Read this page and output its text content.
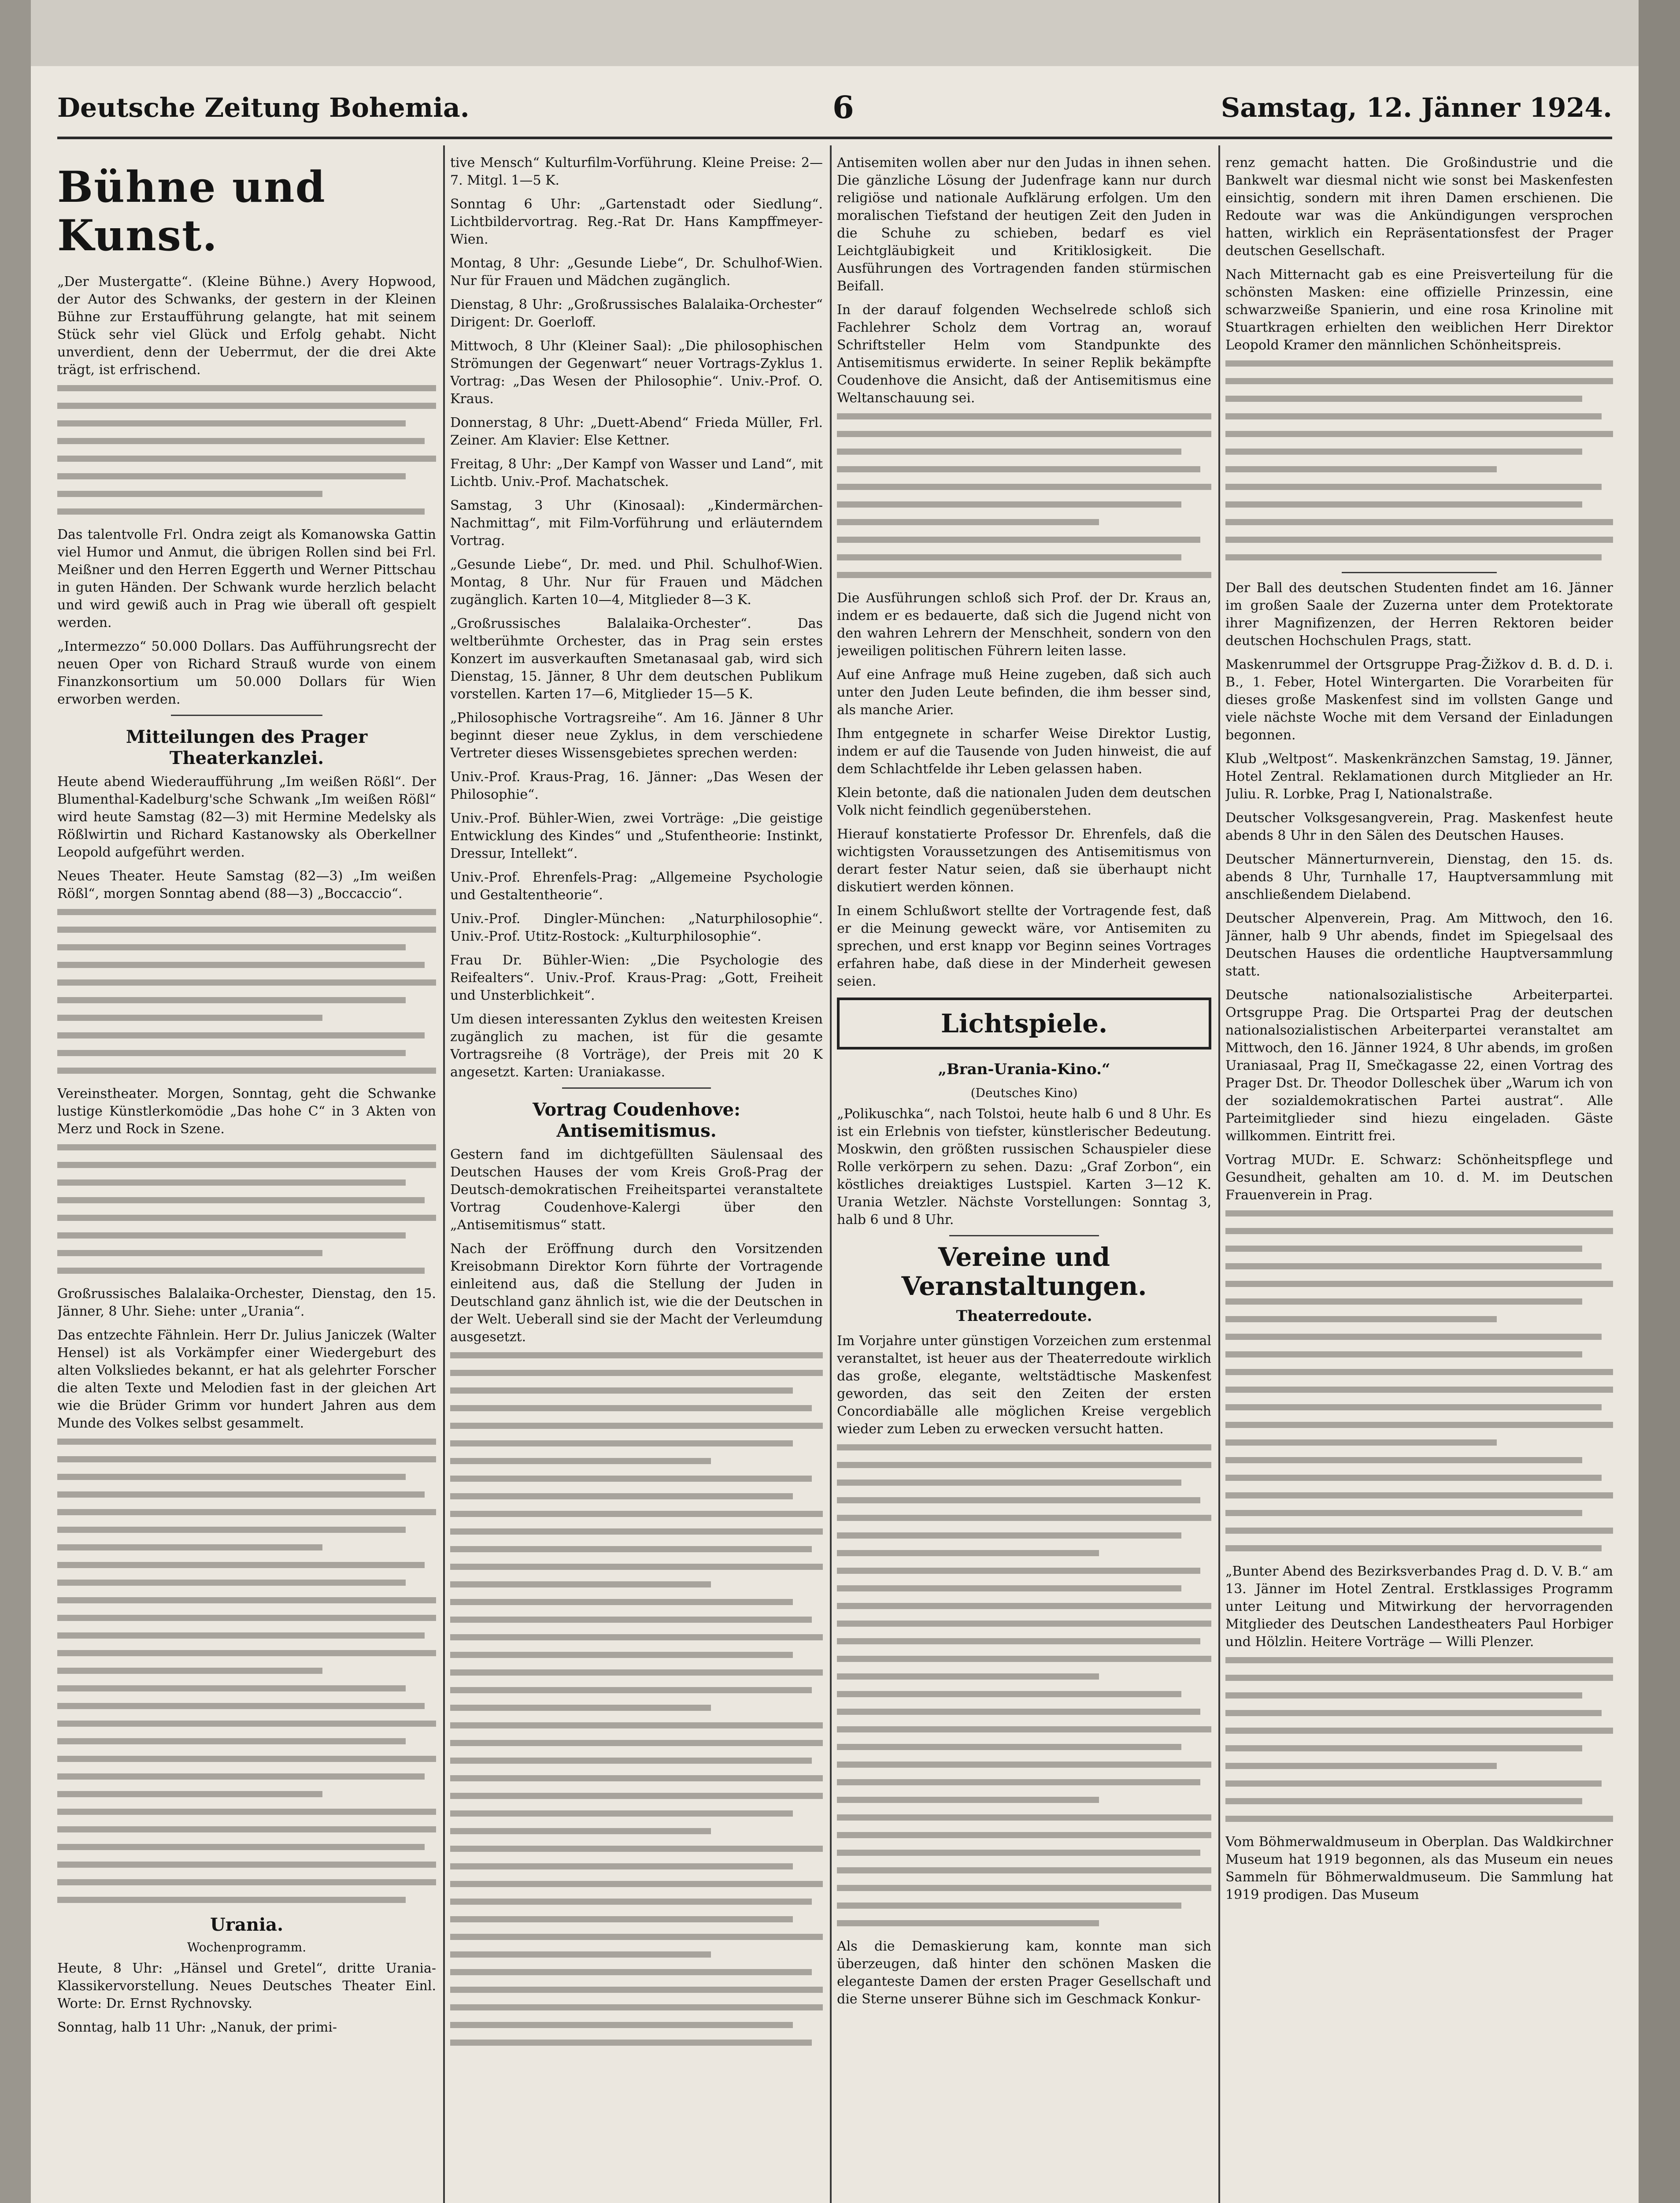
Deutsche Zeitung Bohemia.	6	Samstag, 12. Jänner 1924.
Bühne und Kunst.

„Der Mustergatte“. (Kleine Bühne.) Avery Hopwood, der Autor des Schwanks, der gestern in der Kleinen Bühne zur Erstaufführung gelangte, hat mit seinem Stück sehr viel Glück und Erfolg gehabt. Nicht unverdient, denn der Ueberrmut, der die drei Akte trägt, ist erfrischend.

Das talentvolle Frl. Ondra zeigt als Komanowska Gattin viel Humor und Anmut, die übrigen Rollen sind bei Frl. Meißner und den Herren Eggerth und Werner Pittschau in guten Händen. Der Schwank wurde herzlich belacht und wird gewiß auch in Prag wie überall oft gespielt werden.

„Intermezzo“ 50.000 Dollars. Das Aufführungsrecht der neuen Oper von Richard Strauß wurde von einem Finanzkonsortium um 50.000 Dollars für Wien erworben werden.

Mitteilungen des Prager Theaterkanzlei.

Heute abend Wiederaufführung „Im weißen Rößl“. Der Blumenthal-Kadelburg'sche Schwank „Im weißen Rößl“ wird heute Samstag (82—3) mit Hermine Medelsky als Rößlwirtin und Richard Kastanowsky als Oberkellner Leopold aufgeführt werden.

Neues Theater. Heute Samstag (82—3) „Im weißen Rößl“, morgen Sonntag abend (88—3) „Boccaccio“.

Vereinstheater. Morgen, Sonntag, geht die Schwanke lustige Künstlerkomödie „Das hohe C“ in 3 Akten von Merz und Rock in Szene.

Großrussisches Balalaika-Orchester, Dienstag, den 15. Jänner, 8 Uhr. Siehe: unter „Urania“.

Das entzechte Fähnlein. Herr Dr. Julius Janiczek (Walter Hensel) ist als Vorkämpfer einer Wiedergeburt des alten Volksliedes bekannt, er hat als gelehrter Forscher die alten Texte und Melodien fast in der gleichen Art wie die Brüder Grimm vor hundert Jahren aus dem Munde des Volkes selbst gesammelt.

Urania.
Wochenprogramm.

Heute, 8 Uhr: „Hänsel und Gretel“, dritte Urania-Klassikervorstellung. Neues Deutsches Theater Einl. Worte: Dr. Ernst Rychnovsky.

Sonntag, halb 11 Uhr: „Nanuk, der primi-

tive Mensch“ Kulturfilm-Vorführung. Kleine Preise: 2—7. Mitgl. 1—5 K.

Sonntag 6 Uhr: „Gartenstadt oder Siedlung“. Lichtbildervortrag. Reg.-Rat Dr. Hans Kampffmeyer-Wien.

Montag, 8 Uhr: „Gesunde Liebe“, Dr. Schulhof-Wien. Nur für Frauen und Mädchen zugänglich.

Dienstag, 8 Uhr: „Großrussisches Balalaika-Orchester“ Dirigent: Dr. Goerloff.

Mittwoch, 8 Uhr (Kleiner Saal): „Die philosophischen Strömungen der Gegenwart“ neuer Vortrags-Zyklus 1. Vortrag: „Das Wesen der Philosophie“. Univ.-Prof. O. Kraus.

Donnerstag, 8 Uhr: „Duett-Abend“ Frieda Müller, Frl. Zeiner. Am Klavier: Else Kettner.

Freitag, 8 Uhr: „Der Kampf von Wasser und Land“, mit Lichtb. Univ.-Prof. Machatschek.

Samstag, 3 Uhr (Kinosaal): „Kindermärchen-Nachmittag“, mit Film-Vorführung und erläuterndem Vortrag.

„Gesunde Liebe“, Dr. med. und Phil. Schulhof-Wien. Montag, 8 Uhr. Nur für Frauen und Mädchen zugänglich. Karten 10—4, Mitglieder 8—3 K.

„Großrussisches Balalaika-Orchester“. Das weltberühmte Orchester, das in Prag sein erstes Konzert im ausverkauften Smetanasaal gab, wird sich Dienstag, 15. Jänner, 8 Uhr dem deutschen Publikum vorstellen. Karten 17—6, Mitglieder 15—5 K.

„Philosophische Vortragsreihe“. Am 16. Jänner 8 Uhr beginnt dieser neue Zyklus, in dem verschiedene Vertreter dieses Wissensgebietes sprechen werden:

Univ.-Prof. Kraus-Prag, 16. Jänner: „Das Wesen der Philosophie“.

Univ.-Prof. Bühler-Wien, zwei Vorträge: „Die geistige Entwicklung des Kindes“ und „Stufentheorie: Instinkt, Dressur, Intellekt“.

Univ.-Prof. Ehrenfels-Prag: „Allgemeine Psychologie und Gestaltentheorie“.

Univ.-Prof. Dingler-München: „Naturphilosophie“. Univ.-Prof. Utitz-Rostock: „Kulturphilosophie“.

Frau Dr. Bühler-Wien: „Die Psychologie des Reifealters“. Univ.-Prof. Kraus-Prag: „Gott, Freiheit und Unsterblichkeit“.

Um diesen interessanten Zyklus den weitesten Kreisen zugänglich zu machen, ist für die gesamte Vortragsreihe (8 Vorträge), der Preis mit 20 K angesetzt. Karten: Uraniakasse.

Vortrag Coudenhove: Antisemitismus.

Gestern fand im dichtgefüllten Säulensaal des Deutschen Hauses der vom Kreis Groß-Prag der Deutsch-demokratischen Freiheitspartei veranstaltete Vortrag Coudenhove-Kalergi über den „Antisemitismus“ statt.

Nach der Eröffnung durch den Vorsitzenden Kreisobmann Direktor Korn führte der Vortragende einleitend aus, daß die Stellung der Juden in Deutschland ganz ähnlich ist, wie die der Deutschen in der Welt. Ueberall sind sie der Macht der Verleumdung ausgesetzt.

Antisemiten wollen aber nur den Judas in ihnen sehen. Die gänzliche Lösung der Judenfrage kann nur durch religiöse und nationale Aufklärung erfolgen. Um den moralischen Tiefstand der heutigen Zeit den Juden in die Schuhe zu schieben, bedarf es viel Leichtgläubigkeit und Kritiklosigkeit. Die Ausführungen des Vortragenden fanden stürmischen Beifall.

In der darauf folgenden Wechselrede schloß sich Fachlehrer Scholz dem Vortrag an, worauf Schriftsteller Helm vom Standpunkte des Antisemitismus erwiderte. In seiner Replik bekämpfte Coudenhove die Ansicht, daß der Antisemitismus eine Weltanschauung sei.

Die Ausführungen schloß sich Prof. der Dr. Kraus an, indem er es bedauerte, daß sich die Jugend nicht von den wahren Lehrern der Menschheit, sondern von den jeweiligen politischen Führern leiten lasse.

Auf eine Anfrage muß Heine zugeben, daß sich auch unter den Juden Leute befinden, die ihm besser sind, als manche Arier.

Ihm entgegnete in scharfer Weise Direktor Lustig, indem er auf die Tausende von Juden hinweist, die auf dem Schlachtfelde ihr Leben gelassen haben.

Klein betonte, daß die nationalen Juden dem deutschen Volk nicht feindlich gegenüberstehen.

Hierauf konstatierte Professor Dr. Ehrenfels, daß die wichtigsten Voraussetzungen des Antisemitismus von derart fester Natur seien, daß sie überhaupt nicht diskutiert werden können.

In einem Schlußwort stellte der Vortragende fest, daß er die Meinung geweckt wäre, vor Antisemiten zu sprechen, und erst knapp vor Beginn seines Vortrages erfahren habe, daß diese in der Minderheit gewesen seien.

Lichtspiele.
„Bran-Urania-Kino.“
(Deutsches Kino)

„Polikuschka“, nach Tolstoi, heute halb 6 und 8 Uhr. Es ist ein Erlebnis von tiefster, künstlerischer Bedeutung. Moskwin, den größten russischen Schauspieler diese Rolle verkörpern zu sehen. Dazu: „Graf Zorbon“, ein köstliches dreiaktiges Lustspiel. Karten 3—12 K. Urania Wetzler. Nächste Vorstellungen: Sonntag 3, halb 6 und 8 Uhr.

Vereine und Veranstaltungen.
Theaterredoute.

Im Vorjahre unter günstigen Vorzeichen zum erstenmal veranstaltet, ist heuer aus der Theaterredoute wirklich das große, elegante, weltstädtische Maskenfest geworden, das seit den Zeiten der ersten Concordiabälle alle möglichen Kreise vergeblich wieder zum Leben zu erwecken versucht hatten.

Als die Demaskierung kam, konnte man sich überzeugen, daß hinter den schönen Masken die eleganteste Damen der ersten Prager Gesellschaft und die Sterne unserer Bühne sich im Geschmack Konkur-

renz gemacht hatten. Die Großindustrie und die Bankwelt war diesmal nicht wie sonst bei Maskenfesten einsichtig, sondern mit ihren Damen erschienen. Die Redoute war was die Ankündigungen versprochen hatten, wirklich ein Repräsentationsfest der Prager deutschen Gesellschaft.

Nach Mitternacht gab es eine Preisverteilung für die schönsten Masken: eine offizielle Prinzessin, eine schwarzweiße Spanierin, und eine rosa Krinoline mit Stuartkragen erhielten den weiblichen Herr Direktor Leopold Kramer den männlichen Schönheitspreis.

Der Ball des deutschen Studenten findet am 16. Jänner im großen Saale der Zuzerna unter dem Protektorate ihrer Magnifizenzen, der Herren Rektoren beider deutschen Hochschulen Prags, statt.

Maskenrummel der Ortsgruppe Prag-Žižkov d. B. d. D. i. B., 1. Feber, Hotel Wintergarten. Die Vorarbeiten für dieses große Maskenfest sind im vollsten Gange und viele nächste Woche mit dem Versand der Einladungen begonnen.

Klub „Weltpost“. Maskenkränzchen Samstag, 19. Jänner, Hotel Zentral. Reklamationen durch Mitglieder an Hr. Juliu. R. Lorbke, Prag I, Nationalstraße.

Deutscher Volksgesangverein, Prag. Maskenfest heute abends 8 Uhr in den Sälen des Deutschen Hauses.

Deutscher Männerturnverein, Dienstag, den 15. ds. abends 8 Uhr, Turnhalle 17, Hauptversammlung mit anschließendem Dielabend.

Deutscher Alpenverein, Prag. Am Mittwoch, den 16. Jänner, halb 9 Uhr abends, findet im Spiegelsaal des Deutschen Hauses die ordentliche Hauptversammlung statt.

Deutsche nationalsozialistische Arbeiterpartei. Ortsgruppe Prag. Die Ortspartei Prag der deutschen nationalsozialistischen Arbeiterpartei veranstaltet am Mittwoch, den 16. Jänner 1924, 8 Uhr abends, im großen Uraniasaal, Prag II, Smečkagasse 22, einen Vortrag des Prager Dst. Dr. Theodor Dolleschek über „Warum ich von der sozialdemokratischen Partei austrat“. Alle Parteimitglieder sind hiezu eingeladen. Gäste willkommen. Eintritt frei.

Vortrag MUDr. E. Schwarz: Schönheitspflege und Gesundheit, gehalten am 10. d. M. im Deutschen Frauenverein in Prag.

„Bunter Abend des Bezirksverbandes Prag d. D. V. B.“ am 13. Jänner im Hotel Zentral. Erstklassiges Programm unter Leitung und Mitwirkung der hervorragenden Mitglieder des Deutschen Landestheaters Paul Horbiger und Hölzlin. Heitere Vorträge — Willi Plenzer.

Vom Böhmerwaldmuseum in Oberplan. Das Waldkirchner Museum hat 1919 begonnen, als das Museum ein neues Sammeln für Böhmerwaldmuseum. Die Sammlung hat 1919 prodigen. Das Museum
